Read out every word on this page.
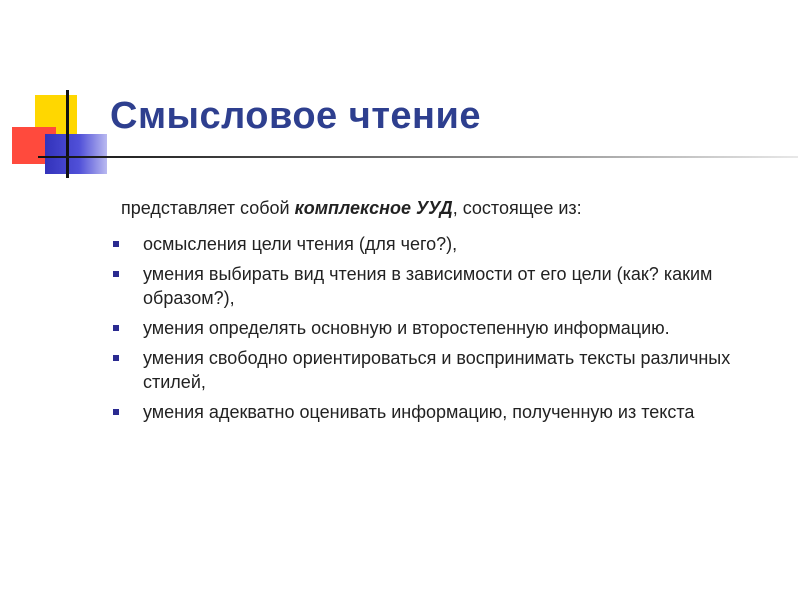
Смысловое чтение
представляет собой комплексное УУД, состоящее из:
осмысления цели чтения (для чего?),
умения выбирать вид чтения в зависимости от его цели (как? каким образом?),
умения определять основную и второстепенную информацию.
умения свободно ориентироваться и воспринимать тексты различных стилей,
умения адекватно оценивать информацию, полученную из текста
